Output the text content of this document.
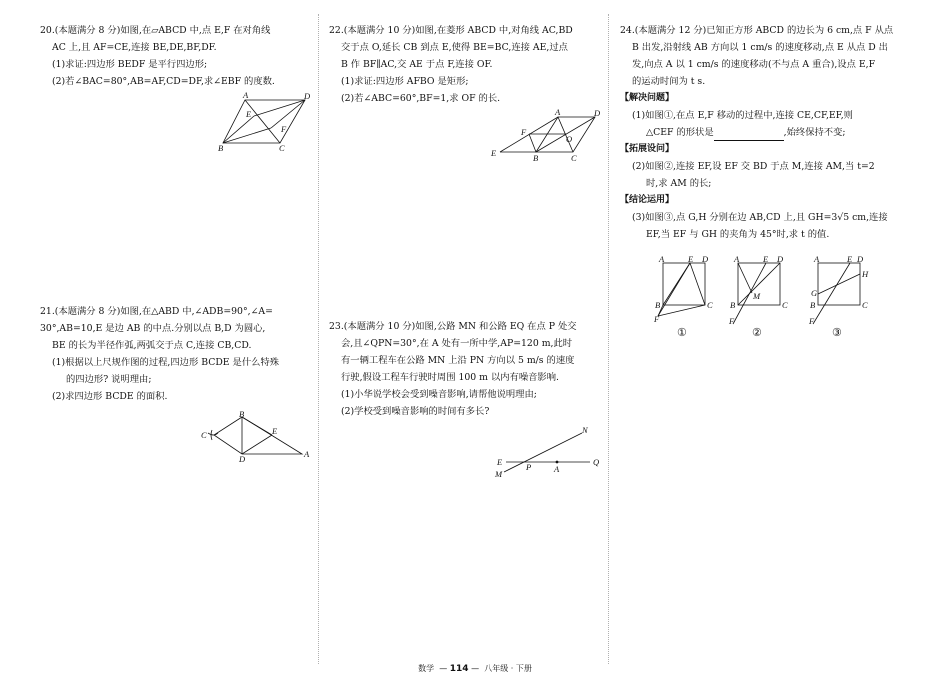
20.(本题满分 8 分)如图,在▱ABCD 中,点 E,F 在对角线

AC 上,且 AF=CE,连接 BE,DE,BF,DF.

(1)求证:四边形 BEDF 是平行四边形;

(2)若∠BAC=80°,AB=AF,CD=DF,求∠EBF 的度数.

A	D
E
F
B	C

21.(本题满分 8 分)如图,在△ABD 中,∠ADB=90°,∠A=

30°,AB=10,E 是边 AB 的中点.分别以点 B,D 为圆心,

BE 的长为半径作弧,两弧交于点 C,连接 CB,CD.

(1)根据以上尺规作图的过程,四边形 BCDE 是什么特殊

的四边形? 说明理由;

(2)求四边形 BCDE 的面积.

B
C	E
D	A

22.(本题满分 10 分)如图,在菱形 ABCD 中,对角线 AC,BD

交于点 O,延长 CB 到点 E,使得 BE=BC,连接 AE,过点

B 作 BF∥AC,交 AE 于点 F,连接 OF.

(1)求证:四边形 AFBO 是矩形;

(2)若∠ABC=60°,BF=1,求 OF 的长.

A	D
F
O
E	B	C

23.(本题满分 10 分)如图,公路 MN 和公路 EQ 在点 P 处交

会,且∠QPN=30°,在 A 处有一所中学,AP=120 m,此时

有一辆工程车在公路 MN 上沿 PN 方向以 5 m/s 的速度

行驶,假设工程车行驶时周围 100 m 以内有噪音影响.

(1)小华说学校会受到噪音影响,请帮他说明理由;

(2)学校受到噪音影响的时间有多长?

N
E	P	A
Q
M

24.(本题满分 12 分)已知正方形 ABCD 的边长为 6 cm,点 F 从点

B 出发,沿射线 AB 方向以 1 cm/s 的速度移动,点 E 从点 D 出

发,向点 A 以 1 cm/s 的速度移动(不与点 A 重合),设点 E,F

的运动时间为 t s.

【解决问题】

(1)如图①,在点 E,F 移动的过程中,连接 CE,CF,EF,则

△CEF 的形状是	,始终保持不变;

【拓展设问】

(2)如图②,连接 EF,设 EF 交 BD 于点 M,连接 AM,当 t=2

时,求 AM 的长;

【结论运用】

(3)如图③,点 G,H 分别在边 AB,CD 上,且 GH=3√5 cm,连接

EF,当 EF 与 GH 的夹角为 45°时,求 t 的值.

A	E D
B	C
F
①
A	E D
M
B	C
F
②
A	E D
H
G
B	C
F
③
数学 — 114 — 八年级 · 下册
